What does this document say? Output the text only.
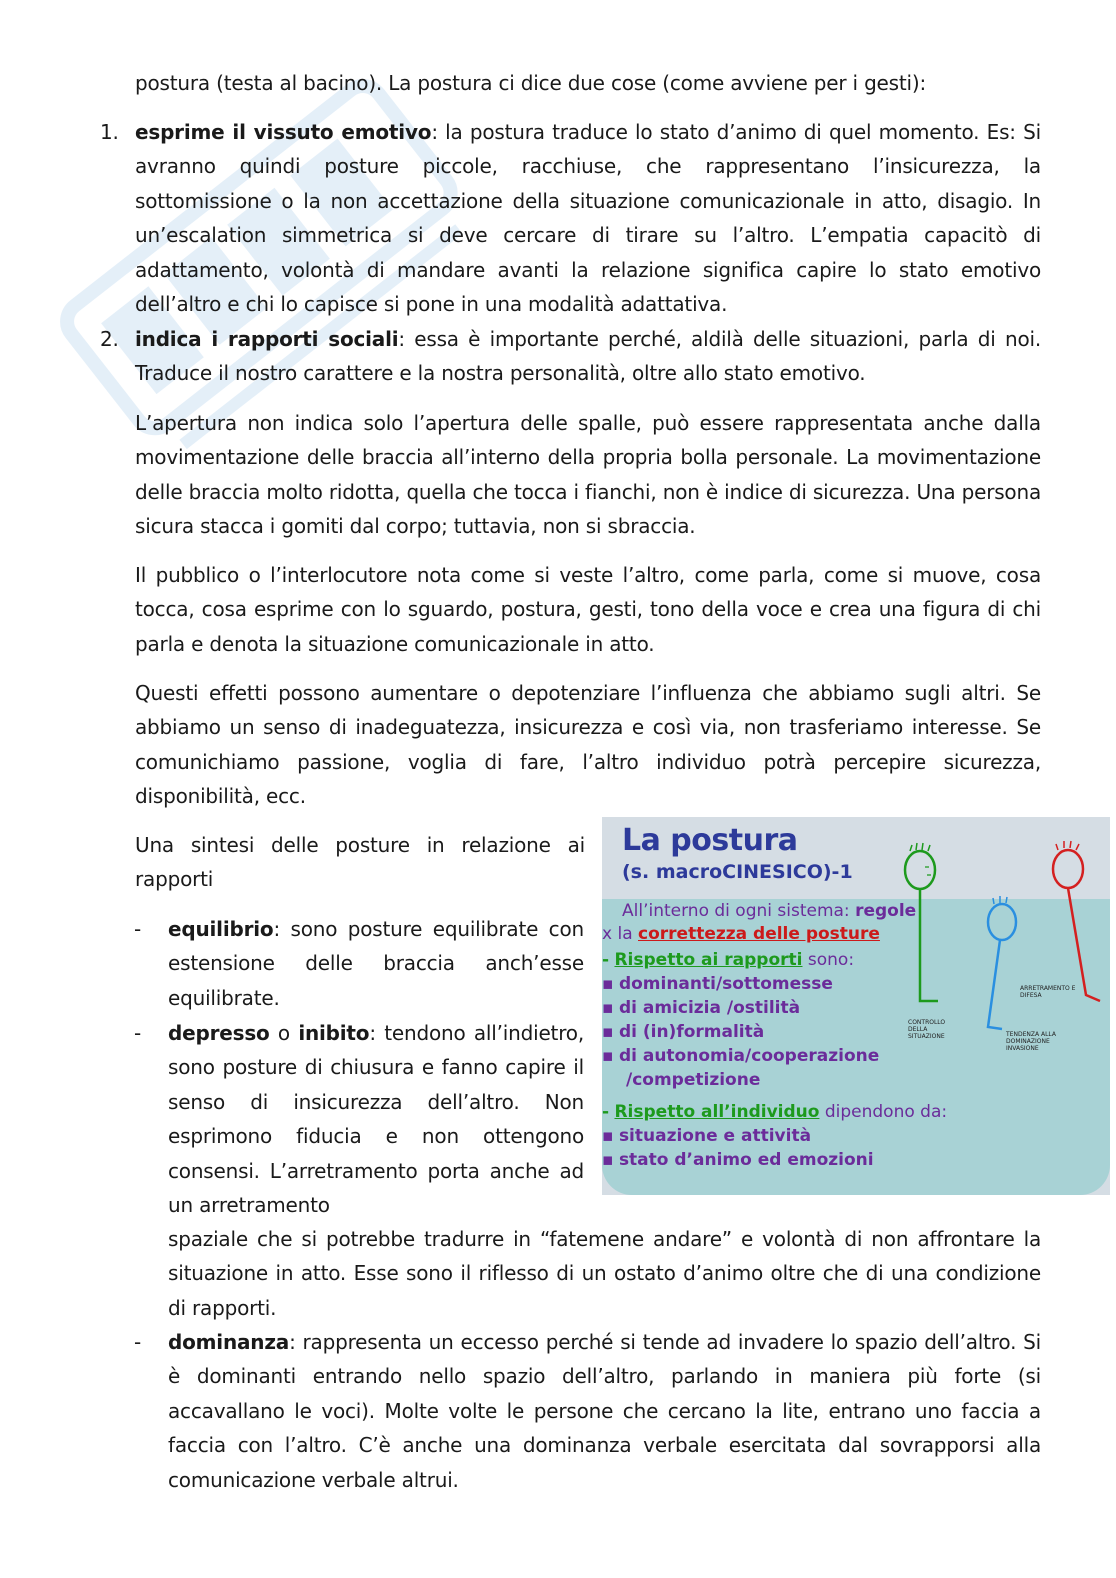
postura (testa al bacino). La postura ci dice due cose (come avviene per i gesti):

1. esprime il vissuto emotivo: la postura traduce lo stato d’animo di quel momento. Es: Si avranno quindi posture piccole, racchiuse, che rappresentano l’insicurezza, la sottomissione o la non accettazione della situazione comunicazionale in atto, disagio. In un’escalation simmetrica si deve cercare di tirare su l’altro. L’empatia capacitò di adattamento, volontà di mandare avanti la relazione significa capire lo stato emotivo dell’altro e chi lo capisce si pone in una modalità adattativa.
2. indica i rapporti sociali: essa è importante perché, aldilà delle situazioni, parla di noi. Traduce il nostro carattere e la nostra personalità, oltre allo stato emotivo.

L’apertura non indica solo l’apertura delle spalle, può essere rappresentata anche dalla movimentazione delle braccia all’interno della propria bolla personale. La movimentazione delle braccia molto ridotta, quella che tocca i fianchi, non è indice di sicurezza. Una persona sicura stacca i gomiti dal corpo; tuttavia, non si sbraccia.

Il pubblico o l’interlocutore nota come si veste l’altro, come parla, come si muove, cosa tocca, cosa esprime con lo sguardo, postura, gesti, tono della voce e crea una figura di chi parla e denota la situazione comunicazionale in atto.

Questi effetti possono aumentare o depotenziare l’influenza che abbiamo sugli altri. Se abbiamo un senso di inadeguatezza, insicurezza e così via, non trasferiamo interesse. Se comunichiamo passione, voglia di fare, l’altro individuo potrà percepire sicurezza, disponibilità, ecc.

Una sintesi delle posture in relazione ai rapporti

- equilibrio: sono posture equilibrate con estensione delle braccia anch’esse equilibrate.
- depresso o inibito: tendono all’indietro, sono posture di chiusura e fanno capire il senso di insicurezza dell’altro. Non esprimono fiducia e non ottengono consensi. L’arretramento porta anche ad un arretramento
spaziale che si potrebbe tradurre in “fatemene andare” e volontà di non affrontare la situazione in atto. Esse sono il riflesso di un ostato d’animo oltre che di una condizione di rapporti.
- dominanza: rappresenta un eccesso perché si tende ad invadere lo spazio dell’altro. Si è dominanti entrando nello spazio dell’altro, parlando in maniera più forte (si accavallano le voci). Molte volte le persone che cercano la lite, entrano uno faccia a faccia con l’altro. C’è anche una dominanza verbale esercitata dal sovrapporsi alla comunicazione verbale altrui.
La postura
(s. macroCINESICO)-1
All’interno di ogni sistema: regole
x la correttezza delle posture
- Rispetto ai rapporti sono:
▪ dominanti/sottomesse
▪ di amicizia /ostilità
▪ di (in)formalità
▪ di autonomia/cooperazione
/competizione
- Rispetto all’individuo dipendono da:
▪ situazione e attività
▪ stato d’animo ed emozioni
CONTROLLO DELLA SITUAZIONE	TENDENZA ALLA DOMINAZIONE INVASIONE
ARRETRAMENTO E DIFESA
